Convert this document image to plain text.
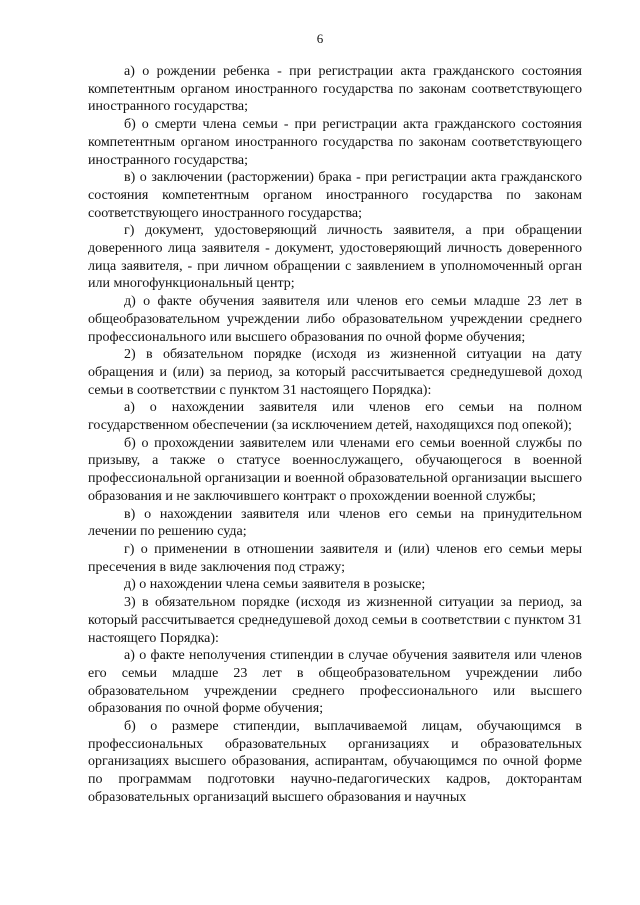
6

а) о рождении ребенка - при регистрации акта гражданского состояния компетентным органом иностранного государства по законам соответствующего иностранного государства;

б) о смерти члена семьи - при регистрации акта гражданского состояния компетентным органом иностранного государства по законам соответствующего иностранного государства;

в) о заключении (расторжении) брака - при регистрации акта гражданского состояния компетентным органом иностранного государства по законам соответствующего иностранного государства;

г) документ, удостоверяющий личность заявителя, а при обращении доверенного лица заявителя - документ, удостоверяющий личность доверенного лица заявителя, - при личном обращении с заявлением в уполномоченный орган или многофункциональный центр;

д) о факте обучения заявителя или членов его семьи младше 23 лет в общеобразовательном учреждении либо образовательном учреждении среднего профессионального или высшего образования по очной форме обучения;

2) в обязательном порядке (исходя из жизненной ситуации на дату обращения и (или) за период, за который рассчитывается среднедушевой доход семьи в соответствии с пунктом 31 настоящего Порядка):

а) о нахождении заявителя или членов его семьи на полном государственном обеспечении (за исключением детей, находящихся под опекой);

б) о прохождении заявителем или членами его семьи военной службы по призыву, а также о статусе военнослужащего, обучающегося в военной профессиональной организации и военной образовательной организации высшего образования и не заключившего контракт о прохождении военной службы;

в) о нахождении заявителя или членов его семьи на принудительном лечении по решению суда;

г) о применении в отношении заявителя и (или) членов его семьи меры пресечения в виде заключения под стражу;

д) о нахождении члена семьи заявителя в розыске;

3) в обязательном порядке (исходя из жизненной ситуации за период, за который рассчитывается среднедушевой доход семьи в соответствии с пунктом 31 настоящего Порядка):

а) о факте неполучения стипендии в случае обучения заявителя или членов его семьи младше 23 лет в общеобразовательном учреждении либо образовательном учреждении среднего профессионального или высшего образования по очной форме обучения;

б) о размере стипендии, выплачиваемой лицам, обучающимся в профессиональных образовательных организациях и образовательных организациях высшего образования, аспирантам, обучающимся по очной форме по программам подготовки научно-педагогических кадров, докторантам образовательных организаций высшего образования и научных
